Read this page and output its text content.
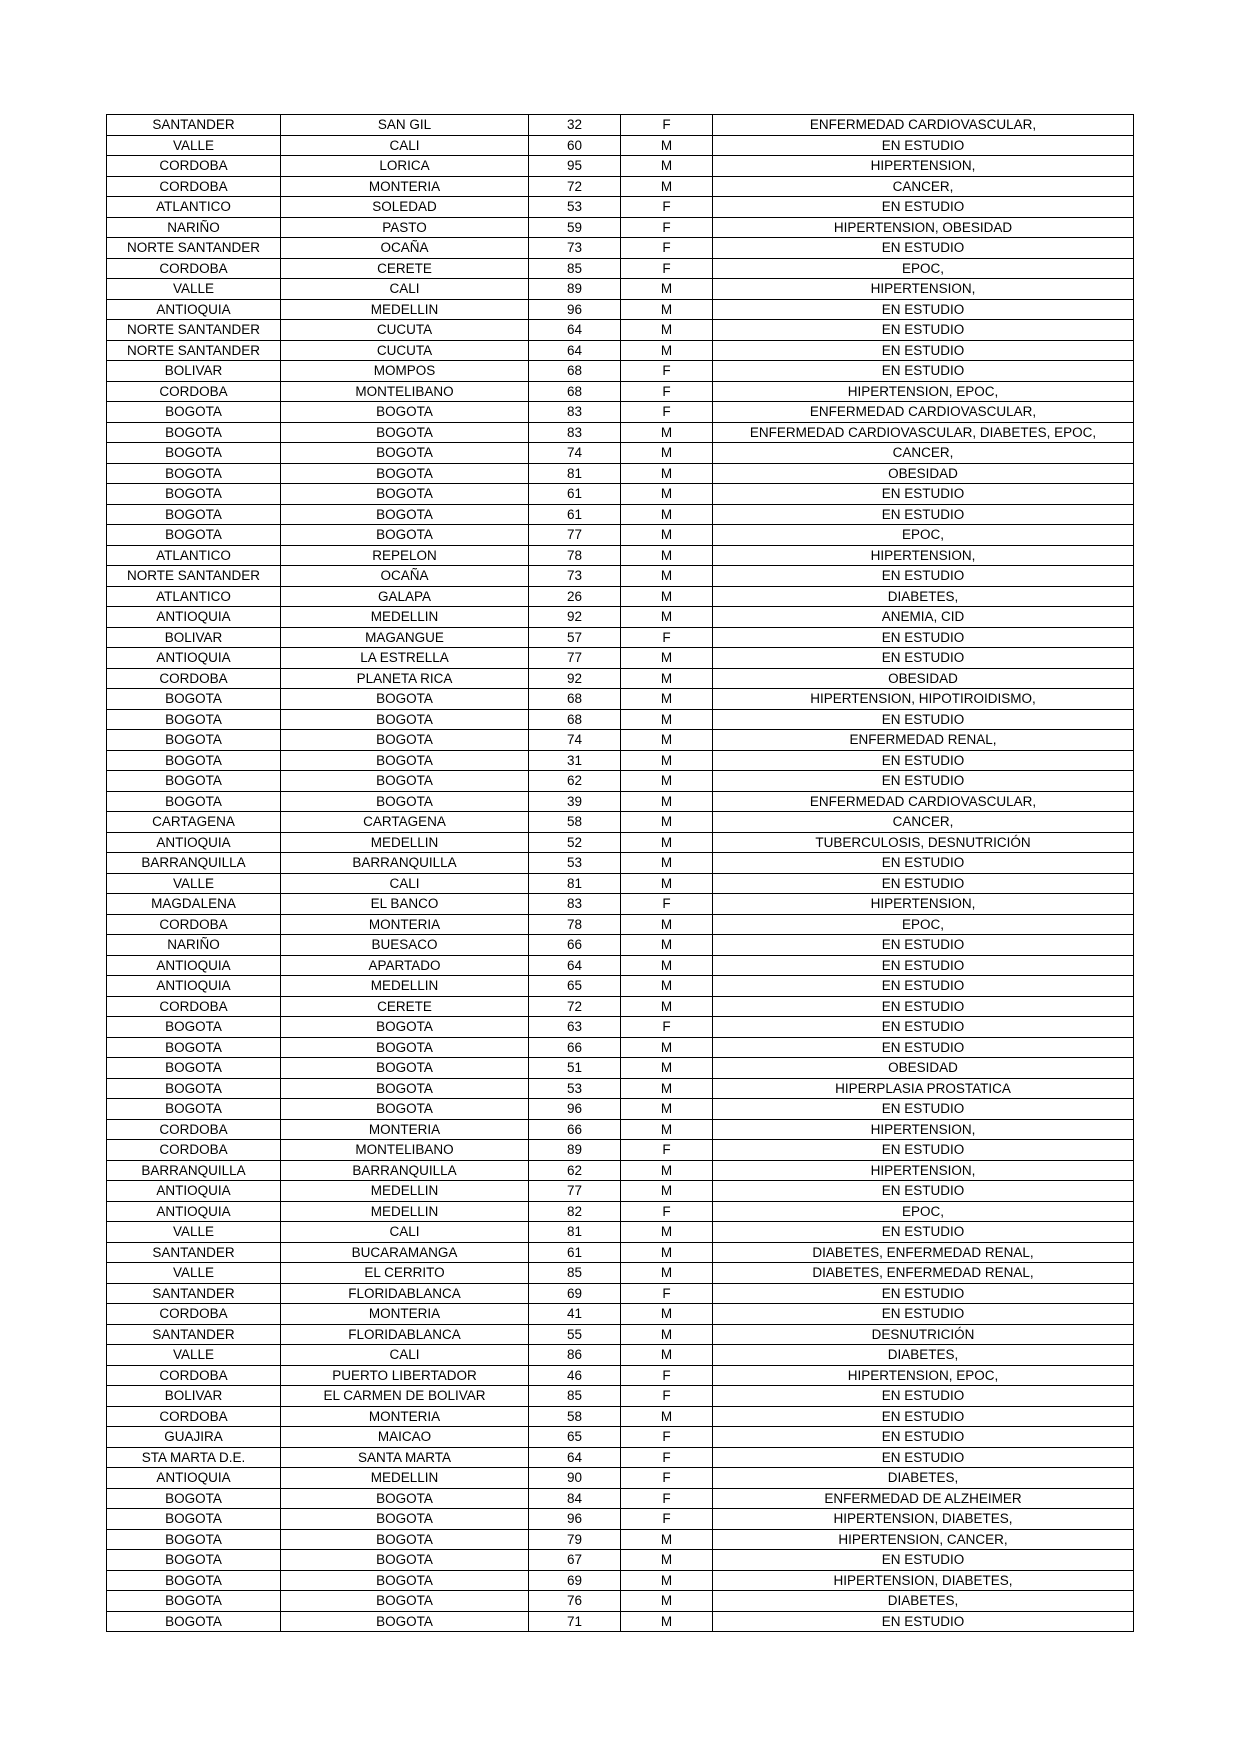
SANTANDER	SAN GIL	32	F	ENFERMEDAD CARDIOVASCULAR,
VALLE	CALI	60	M	EN ESTUDIO
CORDOBA	LORICA	95	M	HIPERTENSION,
CORDOBA	MONTERIA	72	M	CANCER,
ATLANTICO	SOLEDAD	53	F	EN ESTUDIO
NARIÑO	PASTO	59	F	HIPERTENSION, OBESIDAD
NORTE SANTANDER	OCAÑA	73	F	EN ESTUDIO
CORDOBA	CERETE	85	F	EPOC,
VALLE	CALI	89	M	HIPERTENSION,
ANTIOQUIA	MEDELLIN	96	M	EN ESTUDIO
NORTE SANTANDER	CUCUTA	64	M	EN ESTUDIO
NORTE SANTANDER	CUCUTA	64	M	EN ESTUDIO
BOLIVAR	MOMPOS	68	F	EN ESTUDIO
CORDOBA	MONTELIBANO	68	F	HIPERTENSION, EPOC,
BOGOTA	BOGOTA	83	F	ENFERMEDAD CARDIOVASCULAR,
BOGOTA	BOGOTA	83	M	ENFERMEDAD CARDIOVASCULAR, DIABETES, EPOC,
BOGOTA	BOGOTA	74	M	CANCER,
BOGOTA	BOGOTA	81	M	OBESIDAD
BOGOTA	BOGOTA	61	M	EN ESTUDIO
BOGOTA	BOGOTA	61	M	EN ESTUDIO
BOGOTA	BOGOTA	77	M	EPOC,
ATLANTICO	REPELON	78	M	HIPERTENSION,
NORTE SANTANDER	OCAÑA	73	M	EN ESTUDIO
ATLANTICO	GALAPA	26	M	DIABETES,
ANTIOQUIA	MEDELLIN	92	M	ANEMIA, CID
BOLIVAR	MAGANGUE	57	F	EN ESTUDIO
ANTIOQUIA	LA ESTRELLA	77	M	EN ESTUDIO
CORDOBA	PLANETA RICA	92	M	OBESIDAD
BOGOTA	BOGOTA	68	M	HIPERTENSION, HIPOTIROIDISMO,
BOGOTA	BOGOTA	68	M	EN ESTUDIO
BOGOTA	BOGOTA	74	M	ENFERMEDAD RENAL,
BOGOTA	BOGOTA	31	M	EN ESTUDIO
BOGOTA	BOGOTA	62	M	EN ESTUDIO
BOGOTA	BOGOTA	39	M	ENFERMEDAD CARDIOVASCULAR,
CARTAGENA	CARTAGENA	58	M	CANCER,
ANTIOQUIA	MEDELLIN	52	M	TUBERCULOSIS, DESNUTRICIÓN
BARRANQUILLA	BARRANQUILLA	53	M	EN ESTUDIO
VALLE	CALI	81	M	EN ESTUDIO
MAGDALENA	EL BANCO	83	F	HIPERTENSION,
CORDOBA	MONTERIA	78	M	EPOC,
NARIÑO	BUESACO	66	M	EN ESTUDIO
ANTIOQUIA	APARTADO	64	M	EN ESTUDIO
ANTIOQUIA	MEDELLIN	65	M	EN ESTUDIO
CORDOBA	CERETE	72	M	EN ESTUDIO
BOGOTA	BOGOTA	63	F	EN ESTUDIO
BOGOTA	BOGOTA	66	M	EN ESTUDIO
BOGOTA	BOGOTA	51	M	OBESIDAD
BOGOTA	BOGOTA	53	M	HIPERPLASIA PROSTATICA
BOGOTA	BOGOTA	96	M	EN ESTUDIO
CORDOBA	MONTERIA	66	M	HIPERTENSION,
CORDOBA	MONTELIBANO	89	F	EN ESTUDIO
BARRANQUILLA	BARRANQUILLA	62	M	HIPERTENSION,
ANTIOQUIA	MEDELLIN	77	M	EN ESTUDIO
ANTIOQUIA	MEDELLIN	82	F	EPOC,
VALLE	CALI	81	M	EN ESTUDIO
SANTANDER	BUCARAMANGA	61	M	DIABETES, ENFERMEDAD RENAL,
VALLE	EL CERRITO	85	M	DIABETES, ENFERMEDAD RENAL,
SANTANDER	FLORIDABLANCA	69	F	EN ESTUDIO
CORDOBA	MONTERIA	41	M	EN ESTUDIO
SANTANDER	FLORIDABLANCA	55	M	DESNUTRICIÓN
VALLE	CALI	86	M	DIABETES,
CORDOBA	PUERTO LIBERTADOR	46	F	HIPERTENSION, EPOC,
BOLIVAR	EL CARMEN DE BOLIVAR	85	F	EN ESTUDIO
CORDOBA	MONTERIA	58	M	EN ESTUDIO
GUAJIRA	MAICAO	65	F	EN ESTUDIO
STA MARTA D.E.	SANTA MARTA	64	F	EN ESTUDIO
ANTIOQUIA	MEDELLIN	90	F	DIABETES,
BOGOTA	BOGOTA	84	F	ENFERMEDAD DE ALZHEIMER
BOGOTA	BOGOTA	96	F	HIPERTENSION, DIABETES,
BOGOTA	BOGOTA	79	M	HIPERTENSION, CANCER,
BOGOTA	BOGOTA	67	M	EN ESTUDIO
BOGOTA	BOGOTA	69	M	HIPERTENSION, DIABETES,
BOGOTA	BOGOTA	76	M	DIABETES,
BOGOTA	BOGOTA	71	M	EN ESTUDIO
